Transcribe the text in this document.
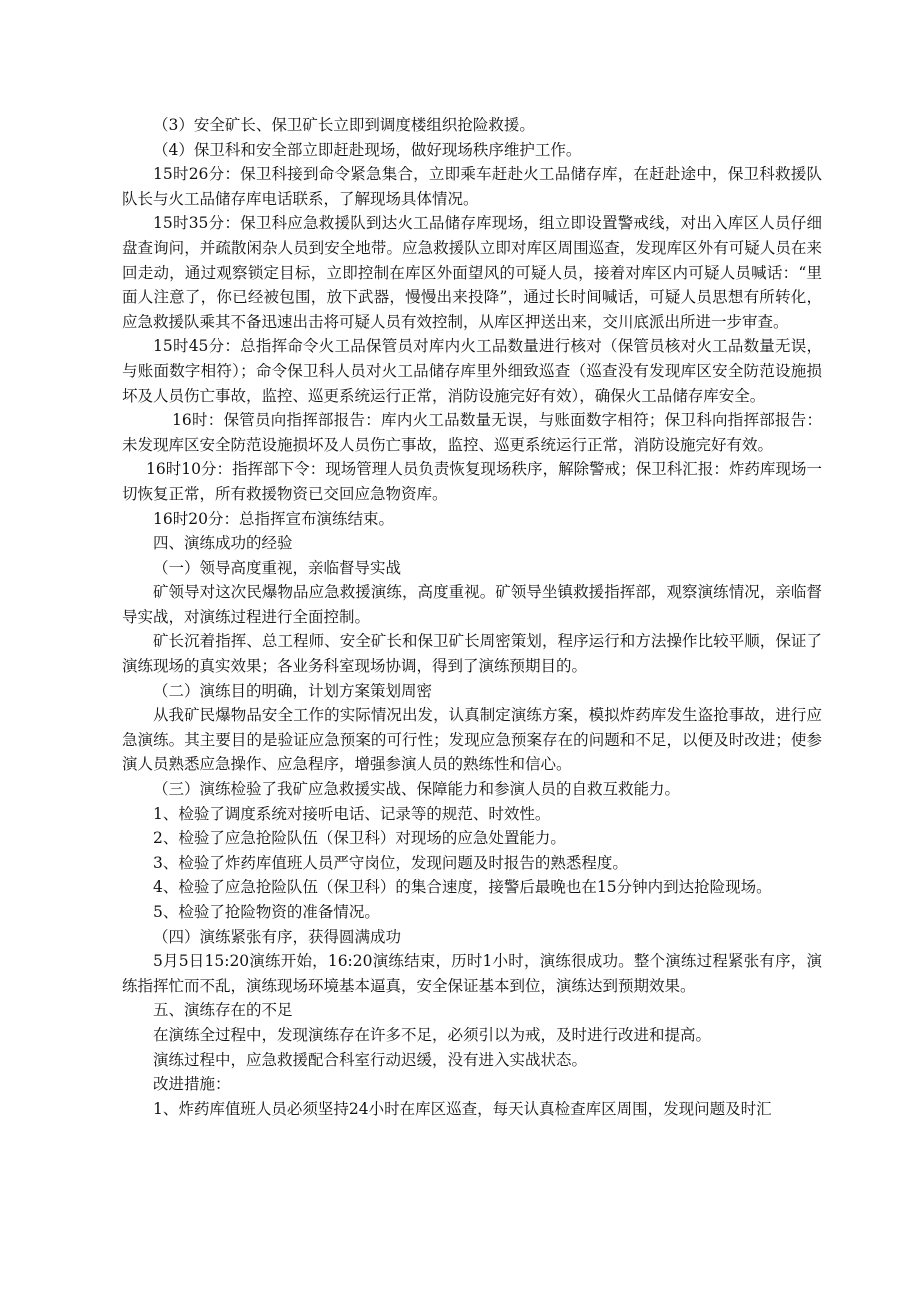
（3）安全矿长、保卫矿长立即到调度楼组织抢险救援。

（4）保卫科和安全部立即赶赴现场，做好现场秩序维护工作。

15时26分：保卫科接到命令紧急集合，立即乘车赶赴火工品储存库，在赶赴途中，保卫科救援队队长与火工品储存库电话联系，了解现场具体情况。

15时35分：保卫科应急救援队到达火工品储存库现场，组立即设置警戒线，对出入库区人员仔细盘查询问，并疏散闲杂人员到安全地带。应急救援队立即对库区周围巡查，发现库区外有可疑人员在来回走动，通过观察锁定目标，立即控制在库区外面望风的可疑人员，接着对库区内可疑人员喊话：“里面人注意了，你已经被包围，放下武器，慢慢出来投降”，通过长时间喊话，可疑人员思想有所转化，应急救援队乘其不备迅速出击将可疑人员有效控制，从库区押送出来，交川底派出所进一步审查。

15时45分：总指挥命令火工品保管员对库内火工品数量进行核对（保管员核对火工品数量无误，与账面数字相符）；命令保卫科人员对火工品储存库里外细致巡查（巡查没有发现库区安全防范设施损坏及人员伤亡事故，监控、巡更系统运行正常，消防设施完好有效），确保火工品储存库安全。

16时：保管员向指挥部报告：库内火工品数量无误，与账面数字相符；保卫科向指挥部报告：未发现库区安全防范设施损坏及人员伤亡事故，监控、巡更系统运行正常，消防设施完好有效。

16时10分：指挥部下令：现场管理人员负责恢复现场秩序，解除警戒；保卫科汇报：炸药库现场一切恢复正常，所有救援物资已交回应急物资库。

16时20分：总指挥宣布演练结束。

四、演练成功的经验

（一）领导高度重视，亲临督导实战

矿领导对这次民爆物品应急救援演练，高度重视。矿领导坐镇救援指挥部，观察演练情况，亲临督导实战，对演练过程进行全面控制。

矿长沉着指挥、总工程师、安全矿长和保卫矿长周密策划，程序运行和方法操作比较平顺，保证了演练现场的真实效果；各业务科室现场协调，得到了演练预期目的。

（二）演练目的明确，计划方案策划周密

从我矿民爆物品安全工作的实际情况出发，认真制定演练方案，模拟炸药库发生盗抢事故，进行应急演练。其主要目的是验证应急预案的可行性；发现应急预案存在的问题和不足，以便及时改进；使参演人员熟悉应急操作、应急程序，增强参演人员的熟练性和信心。

（三）演练检验了我矿应急救援实战、保障能力和参演人员的自救互救能力。

1、检验了调度系统对接听电话、记录等的规范、时效性。

2、检验了应急抢险队伍（保卫科）对现场的应急处置能力。

3、检验了炸药库值班人员严守岗位，发现问题及时报告的熟悉程度。

4、检验了应急抢险队伍（保卫科）的集合速度，接警后最晚也在15分钟内到达抢险现场。

5、检验了抢险物资的准备情况。

（四）演练紧张有序，获得圆满成功

5月5日15:20演练开始，16:20演练结束，历时1小时，演练很成功。整个演练过程紧张有序，演练指挥忙而不乱，演练现场环境基本逼真，安全保证基本到位，演练达到预期效果。

五、演练存在的不足

在演练全过程中，发现演练存在许多不足，必须引以为戒，及时进行改进和提高。

演练过程中，应急救援配合科室行动迟缓，没有进入实战状态。

改进措施：

1、炸药库值班人员必须坚持24小时在库区巡查，每天认真检查库区周围，发现问题及时汇
